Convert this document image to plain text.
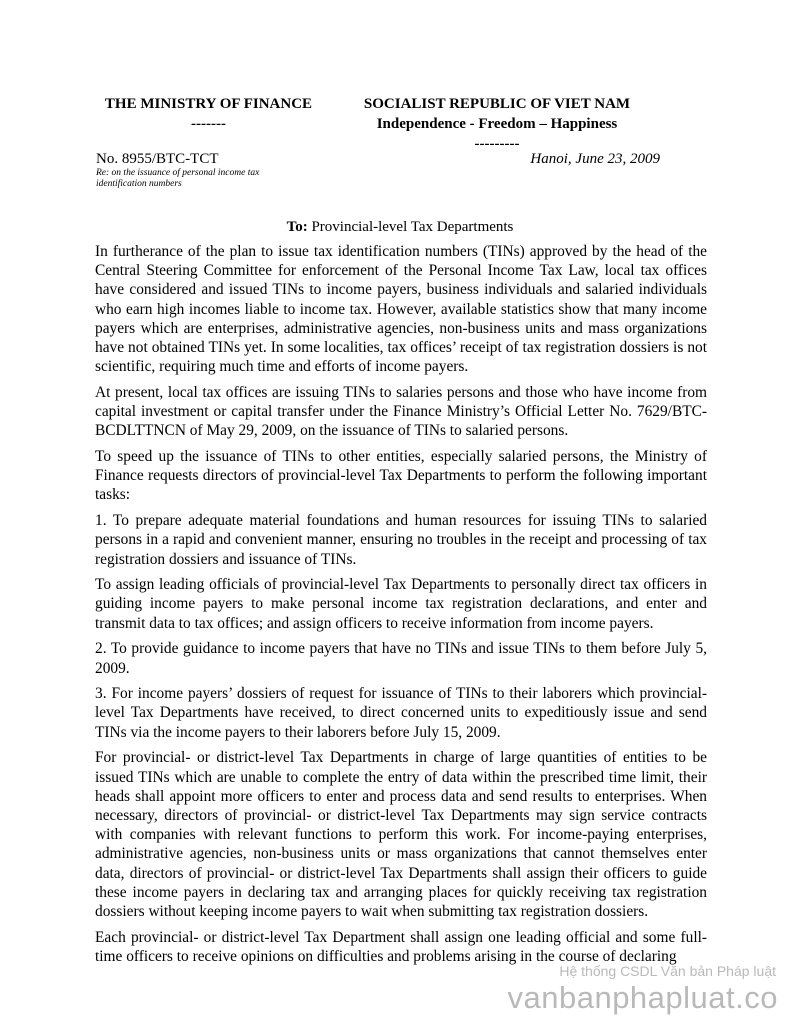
THE MINISTRY OF FINANCE
-------
SOCIALIST REPUBLIC OF VIET NAM
Independence - Freedom – Happiness
---------
No. 8955/BTC-TCT	Hanoi, June 23, 2009
Re: on the issuance of personal income tax identification numbers
To: Provincial-level Tax Departments

In furtherance of the plan to issue tax identification numbers (TINs) approved by the head of the Central Steering Committee for enforcement of the Personal Income Tax Law, local tax offices have considered and issued TINs to income payers, business individuals and salaried individuals who earn high incomes liable to income tax. However, available statistics show that many income payers which are enterprises, administrative agencies, non-business units and mass organizations have not obtained TINs yet. In some localities, tax offices’ receipt of tax registration dossiers is not scientific, requiring much time and efforts of income payers.

At present, local tax offices are issuing TINs to salaries persons and those who have income from capital investment or capital transfer under the Finance Ministry’s Official Letter No. 7629/BTC-BCDLTTNCN of May 29, 2009, on the issuance of TINs to salaried persons.

To speed up the issuance of TINs to other entities, especially salaried persons, the Ministry of Finance requests directors of provincial-level Tax Departments to perform the following important tasks:

1. To prepare adequate material foundations and human resources for issuing TINs to salaried persons in a rapid and convenient manner, ensuring no troubles in the receipt and processing of tax registration dossiers and issuance of TINs.

To assign leading officials of provincial-level Tax Departments to personally direct tax officers in guiding income payers to make personal income tax registration declarations, and enter and transmit data to tax offices; and assign officers to receive information from income payers.

2. To provide guidance to income payers that have no TINs and issue TINs to them before July 5, 2009.

3. For income payers’ dossiers of request for issuance of TINs to their laborers which provincial-level Tax Departments have received, to direct concerned units to expeditiously issue and send TINs via the income payers to their laborers before July 15, 2009.

For provincial- or district-level Tax Departments in charge of large quantities of entities to be issued TINs which are unable to complete the entry of data within the prescribed time limit, their heads shall appoint more officers to enter and process data and send results to enterprises. When necessary, directors of provincial- or district-level Tax Departments may sign service contracts with companies with relevant functions to perform this work. For income-paying enterprises, administrative agencies, non-business units or mass organizations that cannot themselves enter data, directors of provincial- or district-level Tax Departments shall assign their officers to guide these income payers in declaring tax and arranging places for quickly receiving tax registration dossiers without keeping income payers to wait when submitting tax registration dossiers.

Each provincial- or district-level Tax Department shall assign one leading official and some full-time officers to receive opinions on difficulties and problems arising in the course of declaring

Hệ thống CSDL Văn bản Pháp luật
vanbanphapluat.co
